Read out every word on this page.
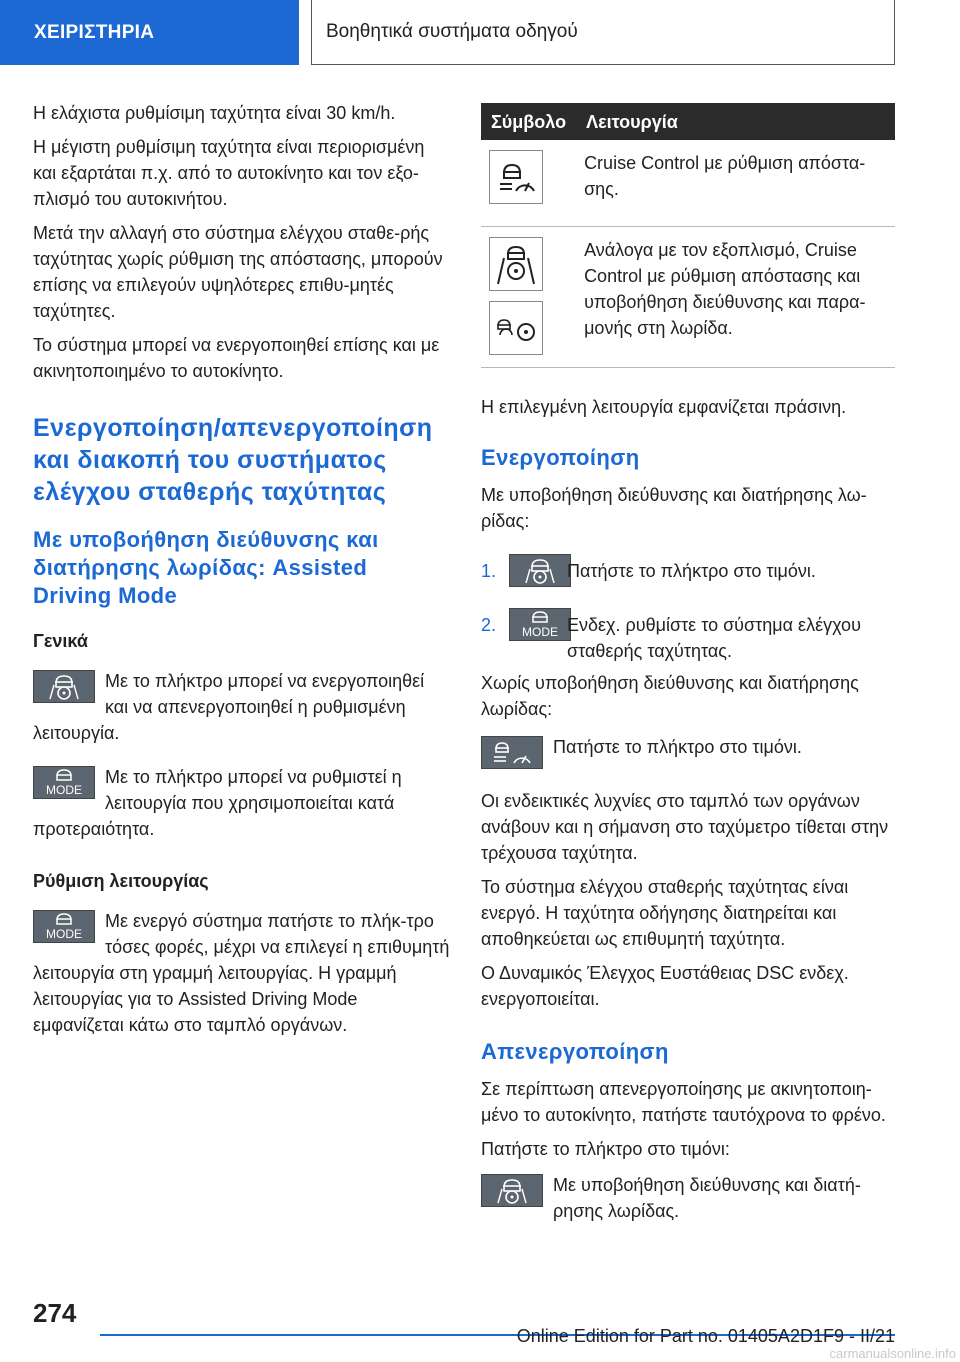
ΧΕΙΡΙΣΤΗΡΙΑ	Βοηθητικά συστήματα οδηγού

Η ελάχιστα ρυθμίσιμη ταχύτητα είναι 30 km/h.

Η μέγιστη ρυθμίσιμη ταχύτητα είναι περιορισμένη και εξαρτάται π.χ. από το αυτοκίνητο και τον εξο-πλισμό του αυτοκινήτου.

Μετά την αλλαγή στο σύστημα ελέγχου σταθε-ρής ταχύτητας χωρίς ρύθμιση της απόστασης, μπορούν επίσης να επιλεγούν υψηλότερες επιθυ-μητές ταχύτητες.

Το σύστημα μπορεί να ενεργοποιηθεί επίσης και με ακινητοποιημένο το αυτοκίνητο.

Ενεργοποίηση/απενεργοποίηση και διακοπή του συστήματος ελέγχου σταθερής ταχύτητας
Με υποβοήθηση διεύθυνσης και διατήρησης λωρίδας: Assisted Driving Mode
Γενικά
Με το πλήκτρο μπορεί να ενεργοποιηθεί και να απενεργοποιηθεί η ρυθμισμένη λειτουργία.
MODE
Με το πλήκτρο μπορεί να ρυθμιστεί η λειτουργία που χρησιμοποιείται κατά προτεραιότητα.
Ρύθμιση λειτουργίας
MODE
Με ενεργό σύστημα πατήστε το πλήκ-τρο τόσες φορές, μέχρι να επιλεγεί η επιθυμητή λειτουργία στη γραμμή λειτουργίας. Η γραμμή λειτουργίας για το Assisted Driving Mode εμφανίζεται κάτω στο ταμπλό οργάνων.
Σύμβολο	Λειτουργία

	Cruise Control με ρύθμιση απόστα-σης.

	Ανάλογα με τον εξοπλισμό, Cruise Control με ρύθμιση απόστασης και υποβοήθηση διεύθυνσης και παρα-μονής στη λωρίδα.

Η επιλεγμένη λειτουργία εμφανίζεται πράσινη.

Ενεργοποίηση

Με υποβοήθηση διεύθυνσης και διατήρησης λω-ρίδας:

1.	Πατήστε το πλήκτρο στο τιμόνι.
2.	MODE Ενδεχ. ρυθμίστε το σύστημα ελέγχου σταθερής ταχύτητας.

Χωρίς υποβοήθηση διεύθυνσης και διατήρησης λωρίδας:

Πατήστε το πλήκτρο στο τιμόνι.

Οι ενδεικτικές λυχνίες στο ταμπλό των οργάνων ανάβουν και η σήμανση στο ταχύμετρο τίθεται στην τρέχουσα ταχύτητα.

Το σύστημα ελέγχου σταθερής ταχύτητας είναι ενεργό. Η ταχύτητα οδήγησης διατηρείται και αποθηκεύεται ως επιθυμητή ταχύτητα.

Ο Δυναμικός Έλεγχος Ευστάθειας DSC ενδεχ. ενεργοποιείται.

Απενεργοποίηση

Σε περίπτωση απενεργοποίησης με ακινητοποιη-μένο το αυτοκίνητο, πατήστε ταυτόχρονα το φρένο.

Πατήστε το πλήκτρο στο τιμόνι:

Με υποβοήθηση διεύθυνσης και διατή-ρησης λωρίδας.
274
Online Edition for Part no. 01405A2D1F9 - II/21
carmanualsonline.info
